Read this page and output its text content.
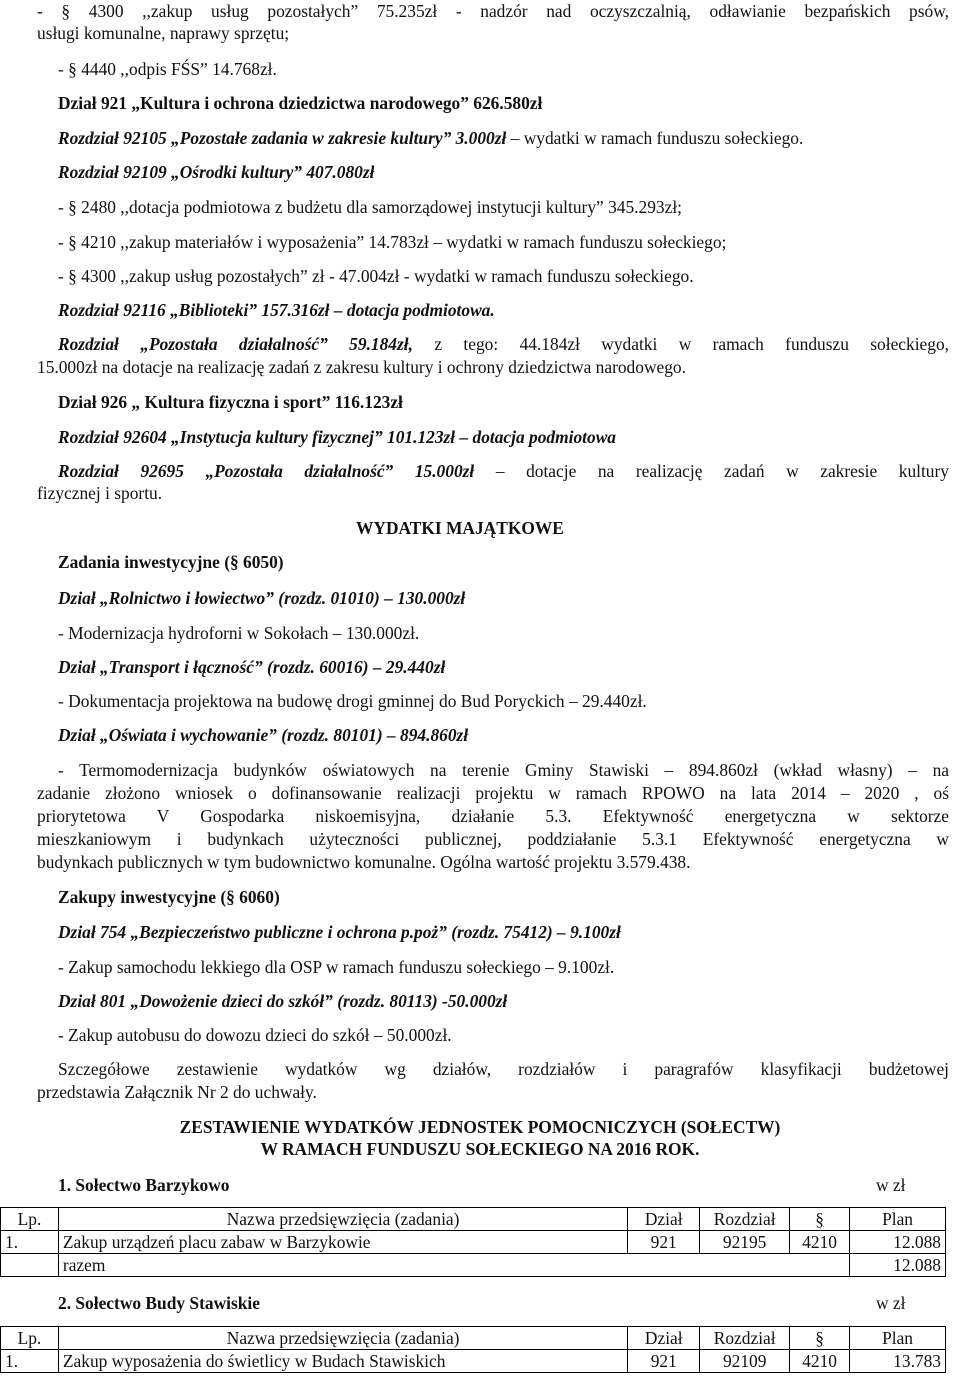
- § 4300 ,,zakup usług pozostałych” 75.235zł - nadzór nad oczyszczalnią, odławianie bezpańskich psów,
usługi komunalne, naprawy sprzętu;
- § 4440 ,,odpis FŚS” 14.768zł.
Dział 921 „Kultura i ochrona dziedzictwa narodowego” 626.580zł
Rozdział 92105 „Pozostałe zadania w zakresie kultury” 3.000zł – wydatki w ramach funduszu sołeckiego.
Rozdział 92109 „Ośrodki kultury” 407.080zł
- § 2480 ,,dotacja podmiotowa z budżetu dla samorządowej instytucji kultury” 345.293zł;
- § 4210 ,,zakup materiałów i wyposażenia” 14.783zł – wydatki w ramach funduszu sołeckiego;
- § 4300 ,,zakup usług pozostałych” zł - 47.004zł - wydatki w ramach funduszu sołeckiego.
Rozdział 92116 „Biblioteki” 157.316zł – dotacja podmiotowa.
Rozdział „Pozostała działalność” 59.184zł, z tego: 44.184zł wydatki w ramach funduszu sołeckiego,
15.000zł na dotacje na realizację zadań z zakresu kultury i ochrony dziedzictwa narodowego.
Dział 926 „ Kultura fizyczna i sport” 116.123zł
Rozdział 92604 „Instytucja kultury fizycznej” 101.123zł – dotacja podmiotowa
Rozdział 92695 „Pozostała działalność” 15.000zł – dotacje na realizację zadań w zakresie kultury
fizycznej i sportu.
WYDATKI MAJĄTKOWE
Zadania inwestycyjne (§ 6050)
Dział „Rolnictwo i łowiectwo” (rozdz. 01010) – 130.000zł
- Modernizacja hydroforni w Sokołach – 130.000zł.
Dział „Transport i łączność” (rozdz. 60016) – 29.440zł
- Dokumentacja projektowa na budowę drogi gminnej do Bud Poryckich – 29.440zł.
Dział „Oświata i wychowanie” (rozdz. 80101) – 894.860zł
- Termomodernizacja budynków oświatowych na terenie Gminy Stawiski – 894.860zł (wkład własny) – na
zadanie złożono wniosek o dofinansowanie realizacji projektu w ramach RPOWO na lata 2014 – 2020 , oś
priorytetowa V Gospodarka niskoemisyjna, działanie 5.3. Efektywność energetyczna w sektorze
mieszkaniowym i budynkach użyteczności publicznej, poddziałanie 5.3.1 Efektywność energetyczna w
budynkach publicznych w tym budownictwo komunalne. Ogólna wartość projektu 3.579.438.
Zakupy inwestycyjne (§ 6060)
Dział 754 „Bezpieczeństwo publiczne i ochrona p.poż” (rozdz. 75412) – 9.100zł
- Zakup samochodu lekkiego dla OSP w ramach funduszu sołeckiego – 9.100zł.
Dział 801 „Dowożenie dzieci do szkół” (rozdz. 80113) -50.000zł
- Zakup autobusu do dowozu dzieci do szkół – 50.000zł.
Szczegółowe zestawienie wydatków wg działów, rozdziałów i paragrafów klasyfikacji budżetowej
przedstawia Załącznik Nr 2 do uchwały.
ZESTAWIENIE WYDATKÓW JEDNOSTEK POMOCNICZYCH (SOŁECTW)
W RAMACH FUNDUSZU SOŁECKIEGO NA 2016 ROK.
1. Sołectwo Barzykowo	w zł
Lp.	Nazwa przedsięwzięcia (zadania)	Dział	Rozdział	§	Plan
1.	Zakup urządzeń placu zabaw w Barzykowie	921	92195	4210	12.088
	razem				12.088
2. Sołectwo Budy Stawiskie	w zł
Lp.	Nazwa przedsięwzięcia (zadania)	Dział	Rozdział	§	Plan
1.	Zakup wyposażenia do świetlicy w Budach Stawiskich	921	92109	4210	13.783
